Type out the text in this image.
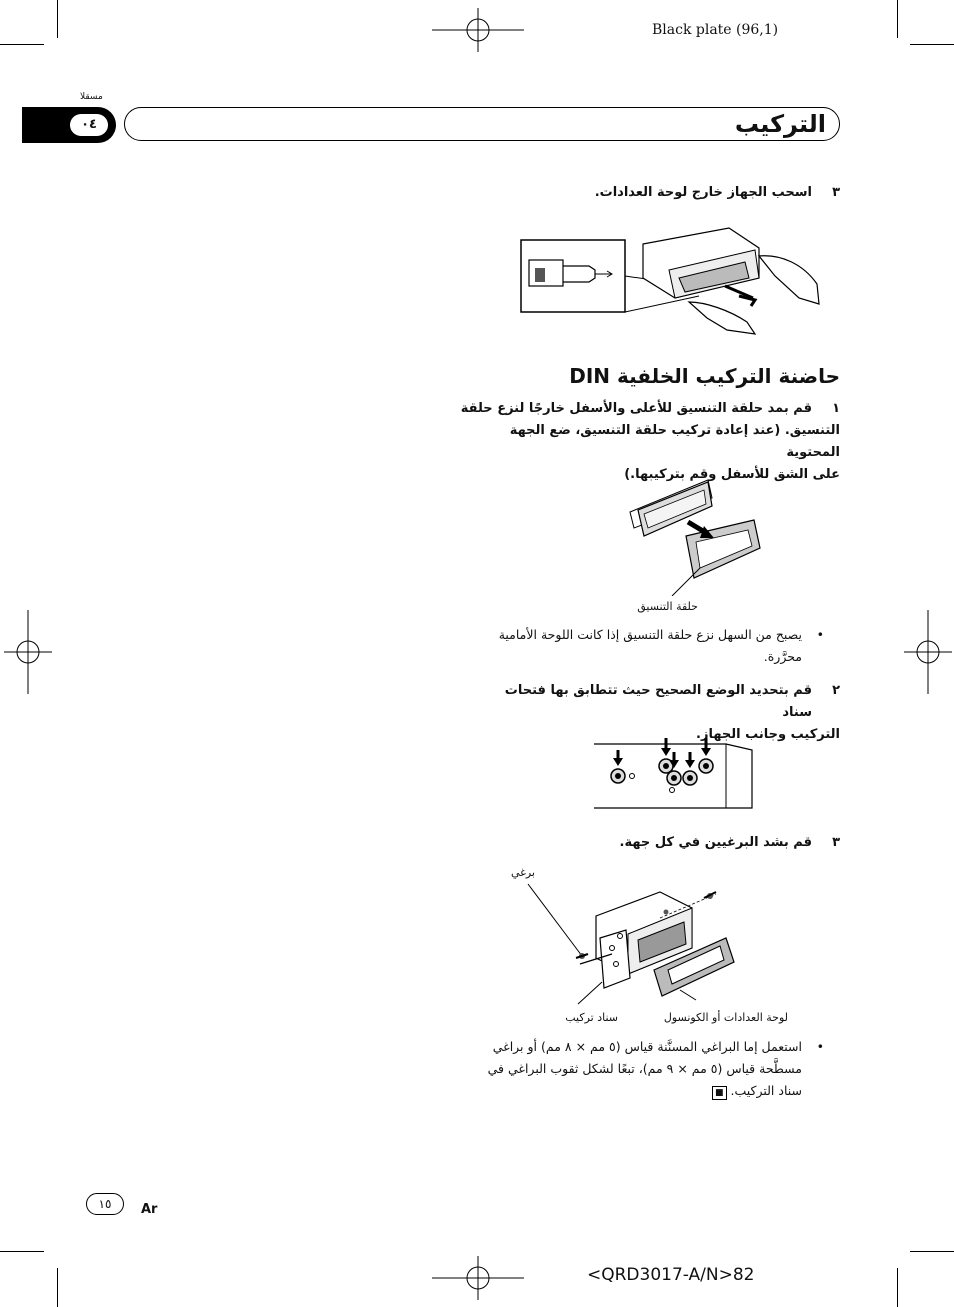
Black plate (96,1)
مسقلا
٠٤	التركيب
٣
اسحب الجهاز خارج لوحة العدادات.
حاضنة التركيب الخلفية DIN
١
قم بمد حلقة التنسيق للأعلى والأسفل خارجًا لنزع حلقة
التنسيق. (عند إعادة تركيب حلقة التنسيق، ضع الجهة المحتوية
على الشق للأسفل وقم بتركيبها.)
حلقة التنسيق
•
يصبح من السهل نزع حلقة التنسيق إذا كانت اللوحة الأمامية
محرَّرة.
٢
قم بتحديد الوضع الصحيح حيث تتطابق بها فتحات سناد
التركيب وجانب الجهاز.
٣
قم بشد البرغيين في كل جهة.
برغي
سناد تركيب	لوحة العدادات أو الكونسول
•
استعمل إما البراغي المسنَّنة قياس (٥ مم × ٨ مم) أو براغي
مسطَّحة قياس (٥ مم × ٩ مم)، تبعًا لشكل ثقوب البراغي في
سناد التركيب. ■
١٥	Ar
<QRD3017-A/N>82
